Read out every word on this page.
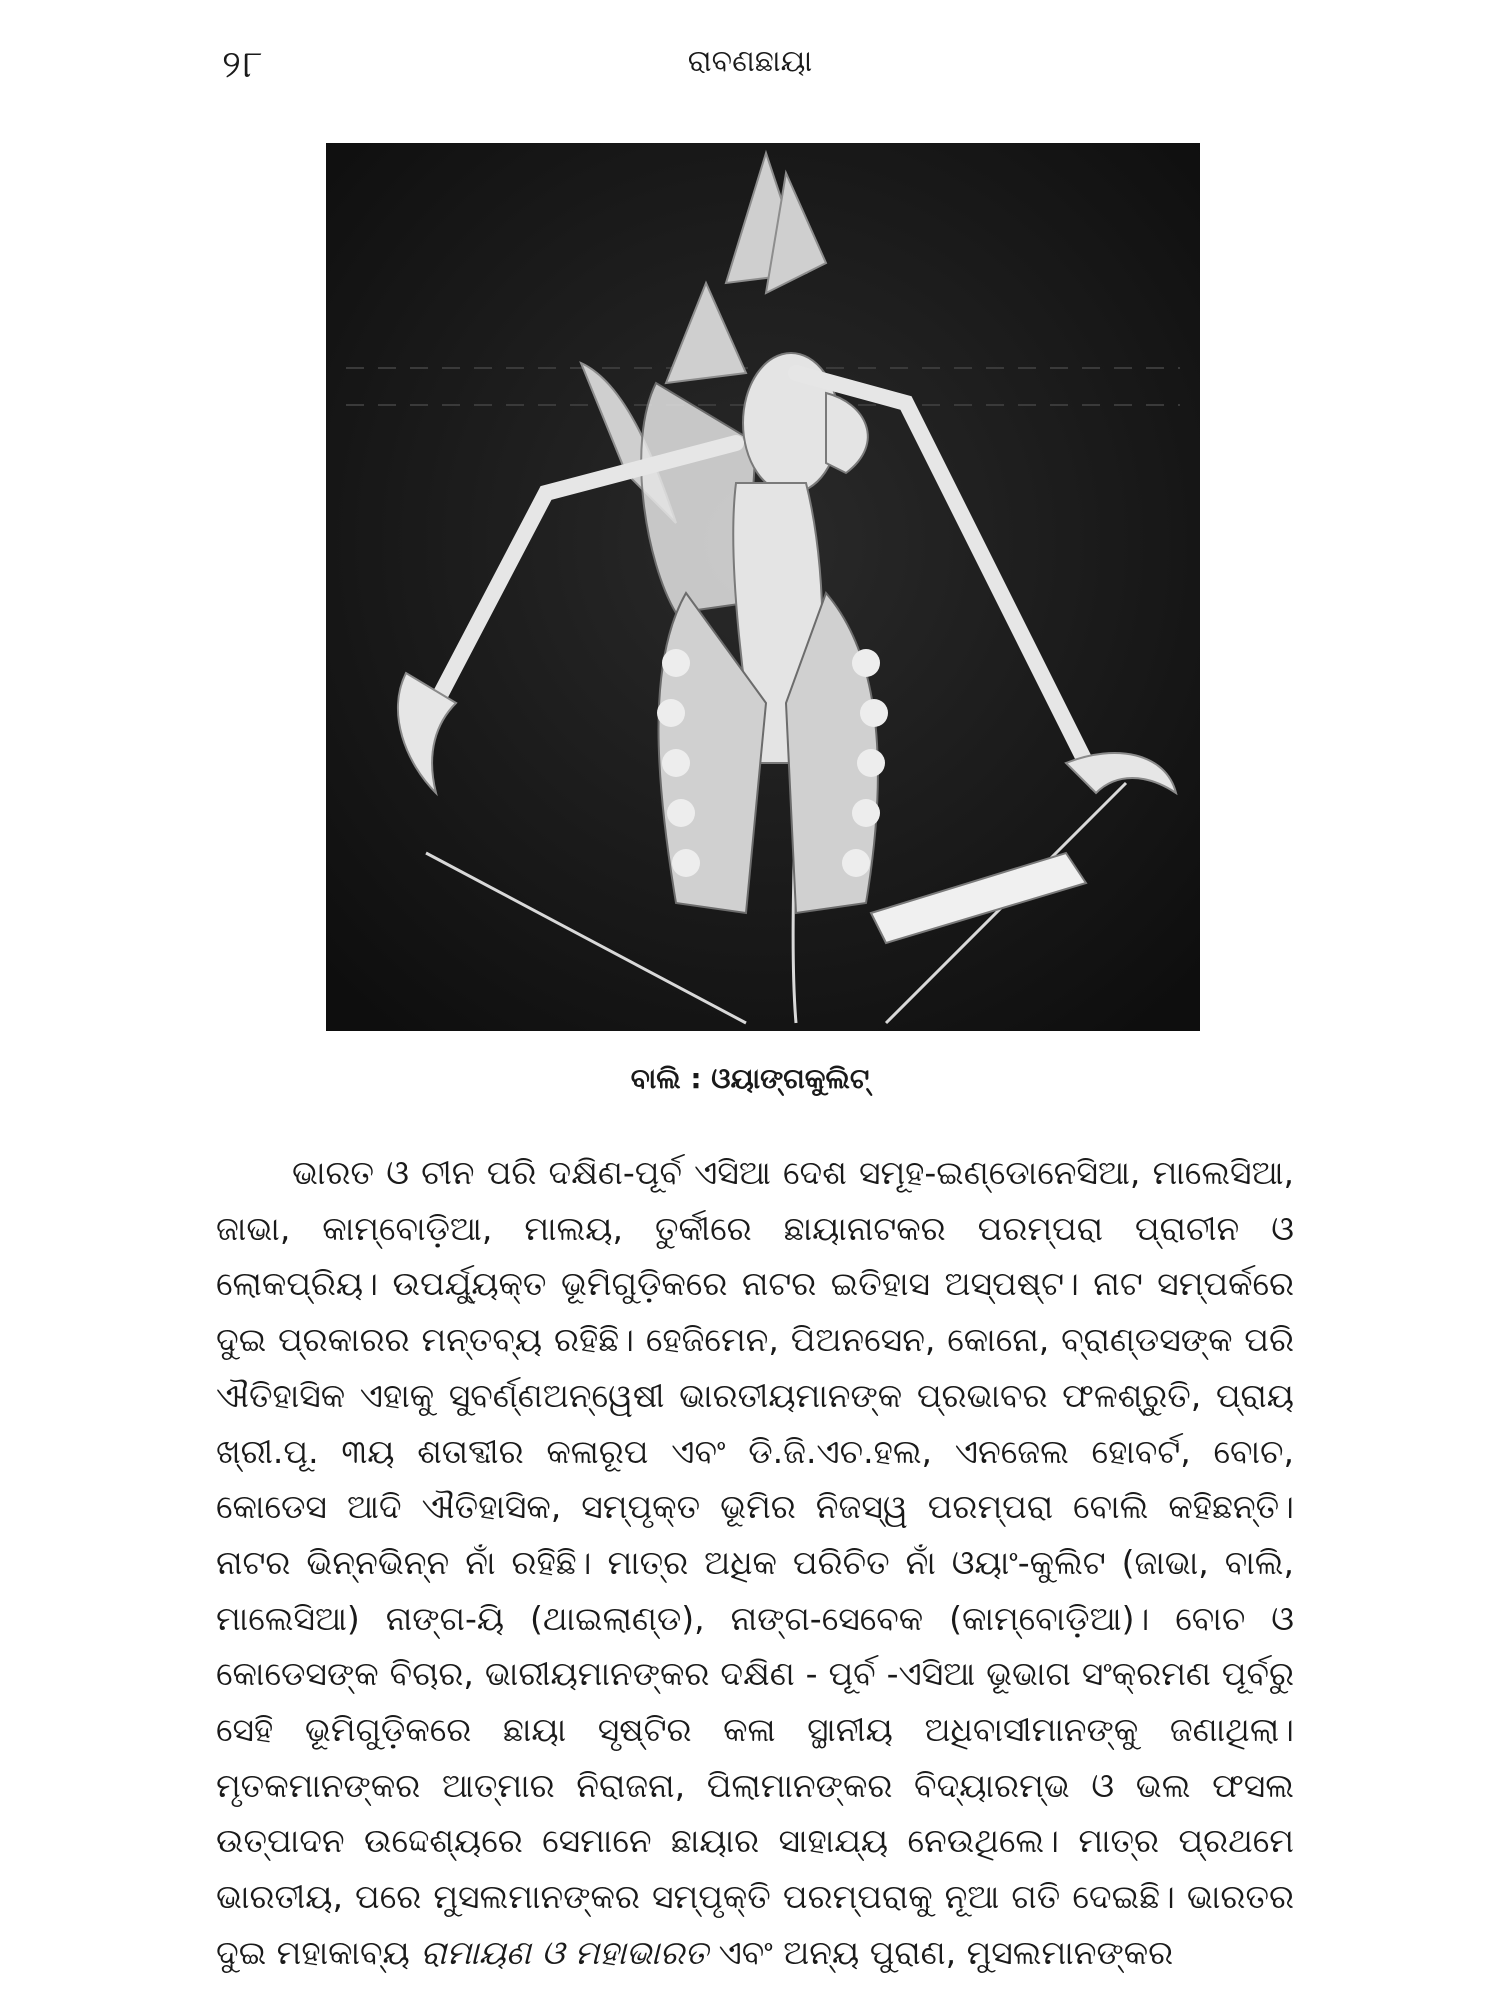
୨୮	ରାବଣଛାୟା
ବାଲି : ଓୟାଙ୍ଗକୁଲିଟ୍

ଭାରତ ଓ ଚୀନ ପରି ଦକ୍ଷିଣ-ପୂର୍ବ ଏସିଆ ଦେଶ ସମୂହ-ଇଣ୍ଡୋନେସିଆ, ମାଲେସିଆ, ଜାଭା, କାମ୍ବୋଡ଼ିଆ, ମାଲୟ, ତୁର୍କୀରେ ଛାୟାନାଟକର ପରମ୍ପରା ପ୍ରାଚୀନ ଓ ଲୋକପ୍ରିୟ। ଉପର୍ଯ୍ୟୁକ୍ତ ଭୂମିଗୁଡ଼ିକରେ ନାଟର ଇତିହାସ ଅସ୍ପଷ୍ଟ। ନାଟ ସମ୍ପର୍କରେ ଦୁଇ ପ୍ରକାରର ମନ୍ତବ୍ୟ ରହିଛି। ହେଜିମେନ, ପିଅନସେନ, କୋନୋ, ବ୍ରାଣ୍ଡସଙ୍କ ପରି ଐତିହାସିକ ଏହାକୁ ସୁବର୍ଣ୍ଣଅନ୍ୱେଷୀ ଭାରତୀୟମାନଙ୍କ ପ୍ରଭାବର ଫଳଶ୍ରୁତି, ପ୍ରାୟ ଖ୍ରୀ.ପୂ. ୩ୟ ଶତାବ୍ଦୀର କଳାରୂପ ଏବଂ ଡି.ଜି.ଏଚ.ହଲ, ଏନଜେଲ ହୋବର୍ଟ, ବୋଚ, କୋଡେସ ଆଦି ଐତିହାସିକ, ସମ୍ପୃକ୍ତ ଭୂମିର ନିଜସ୍ୱ ପରମ୍ପରା ବୋଲି କହିଛନ୍ତି। ନାଟର ଭିନ୍ନଭିନ୍ନ ନାଁ ରହିଛି। ମାତ୍ର ଅଧିକ ପରିଚିତ ନାଁ ଓୟାଂ-କୁଲିଟ (ଜାଭା, ବାଲି, ମାଲେସିଆ) ନାଙ୍ଗ-ୟି (ଥାଇଲାଣ୍ଡ), ନାଙ୍ଗ-ସେବେକ (କାମ୍ବୋଡ଼ିଆ)। ବୋଚ ଓ କୋଡେସଙ୍କ ବିଚାର, ଭାରୀୟମାନଙ୍କର ଦକ୍ଷିଣ - ପୂର୍ବ -ଏସିଆ ଭୂଭାଗ ସଂକ୍ରମଣ ପୂର୍ବରୁ ସେହି ଭୂମିଗୁଡ଼ିକରେ ଛାୟା ସୃଷ୍ଟିର କଳା ସ୍ଥାନୀୟ ଅଧିବାସୀମାନଙ୍କୁ ଜଣାଥିଲା। ମୃତକମାନଙ୍କର ଆତ୍ମାର ନିରାଜନା, ପିଲାମାନଙ୍କର ବିଦ୍ୟାରମ୍ଭ ଓ ଭଲ ଫସଲ ଉତ୍ପାଦନ ଉଦ୍ଦେଶ୍ୟରେ ସେମାନେ ଛାୟାର ସାହାଯ୍ୟ ନେଉଥିଲେ। ମାତ୍ର ପ୍ରଥମେ ଭାରତୀୟ, ପରେ ମୁସଲମାନଙ୍କର ସମ୍ପୃକ୍ତି ପରମ୍ପରାକୁ ନୂଆ ଗତି ଦେଇଛି। ଭାରତର ଦୁଇ ମହାକାବ୍ୟ ରାମାୟଣ ଓ ମହାଭାରତ ଏବଂ ଅନ୍ୟ ପୁରାଣ, ମୁସଲମାନଙ୍କର
